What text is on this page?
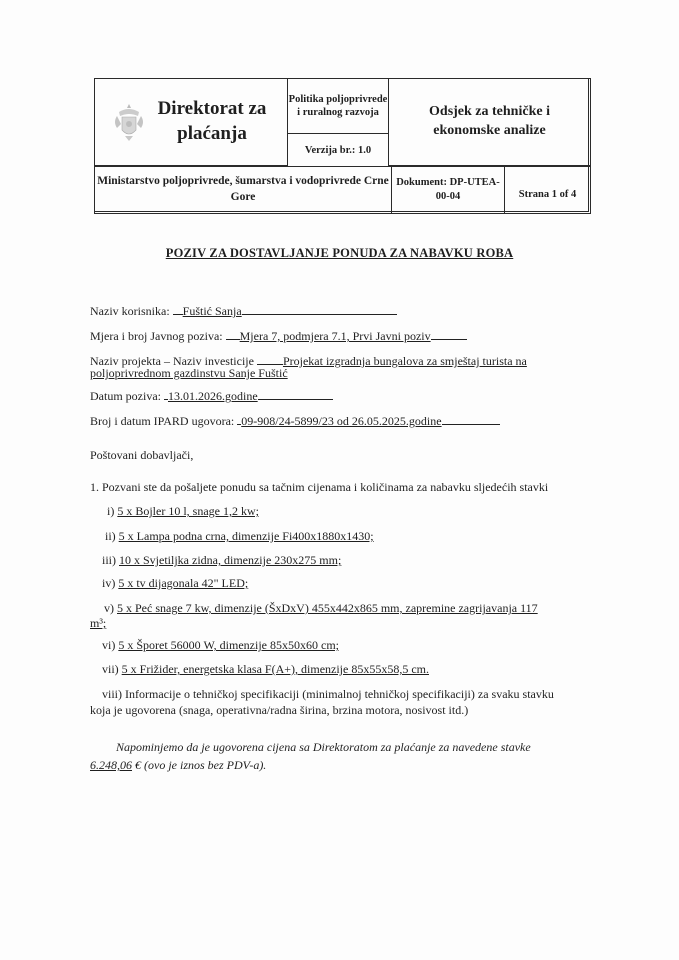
Direktorat za plaćanja
Politika poljoprivrede i ruralnog razvoja
Verzija br.: 1.0
Odsjek za tehničke i ekonomske analize
Ministarstvo poljoprivrede, šumarstva i vodoprivrede Crne Gore
Dokument: DP-UTEA-00-04	Strana 1 of 4
POZIV ZA DOSTAVLJANJE PONUDA ZA NABAVKU ROBA
Naziv korisnika: Fuštić Sanja
Mjera i broj Javnog poziva: Mjera 7, podmjera 7.1, Prvi Javni poziv
Naziv projekta – Naziv investicije Projekat izgradnja bungalova za smještaj turista na
poljoprivrednom gazdinstvu Sanje Fuštić
Datum poziva: 13.01.2026.godine
Broj i datum IPARD ugovora: 09-908/24-5899/23 od 26.05.2025.godine
Poštovani dobavljači,
1. Pozvani ste da pošaljete ponudu sa tačnim cijenama i količinama za nabavku sljedećih stavki
i) 5 x Bojler 10 l, snage 1,2 kw;
ii) 5 x Lampa podna crna, dimenzije Fi400x1880x1430;
iii) 10 x Svjetiljka zidna, dimenzije 230x275 mm;
iv) 5 x tv dijagonala 42" LED;
v) 5 x Peć snage 7 kw, dimenzije (ŠxDxV) 455x442x865 mm, zapremine zagrijavanja 117
m³;
vi) 5 x Šporet 56000 W, dimenzije 85x50x60 cm;
vii) 5 x Frižider, energetska klasa F(A+), dimenzije 85x55x58,5 cm.
viii) Informacije o tehničkoj specifikaciji (minimalnoj tehničkoj specifikaciji) za svaku stavku
koja je ugovorena (snaga, operativna/radna širina, brzina motora, nosivost itd.)
Napominjemo da je ugovorena cijena sa Direktoratom za plaćanje za navedene stavke
6.248,06 € (ovo je iznos bez PDV-a).
